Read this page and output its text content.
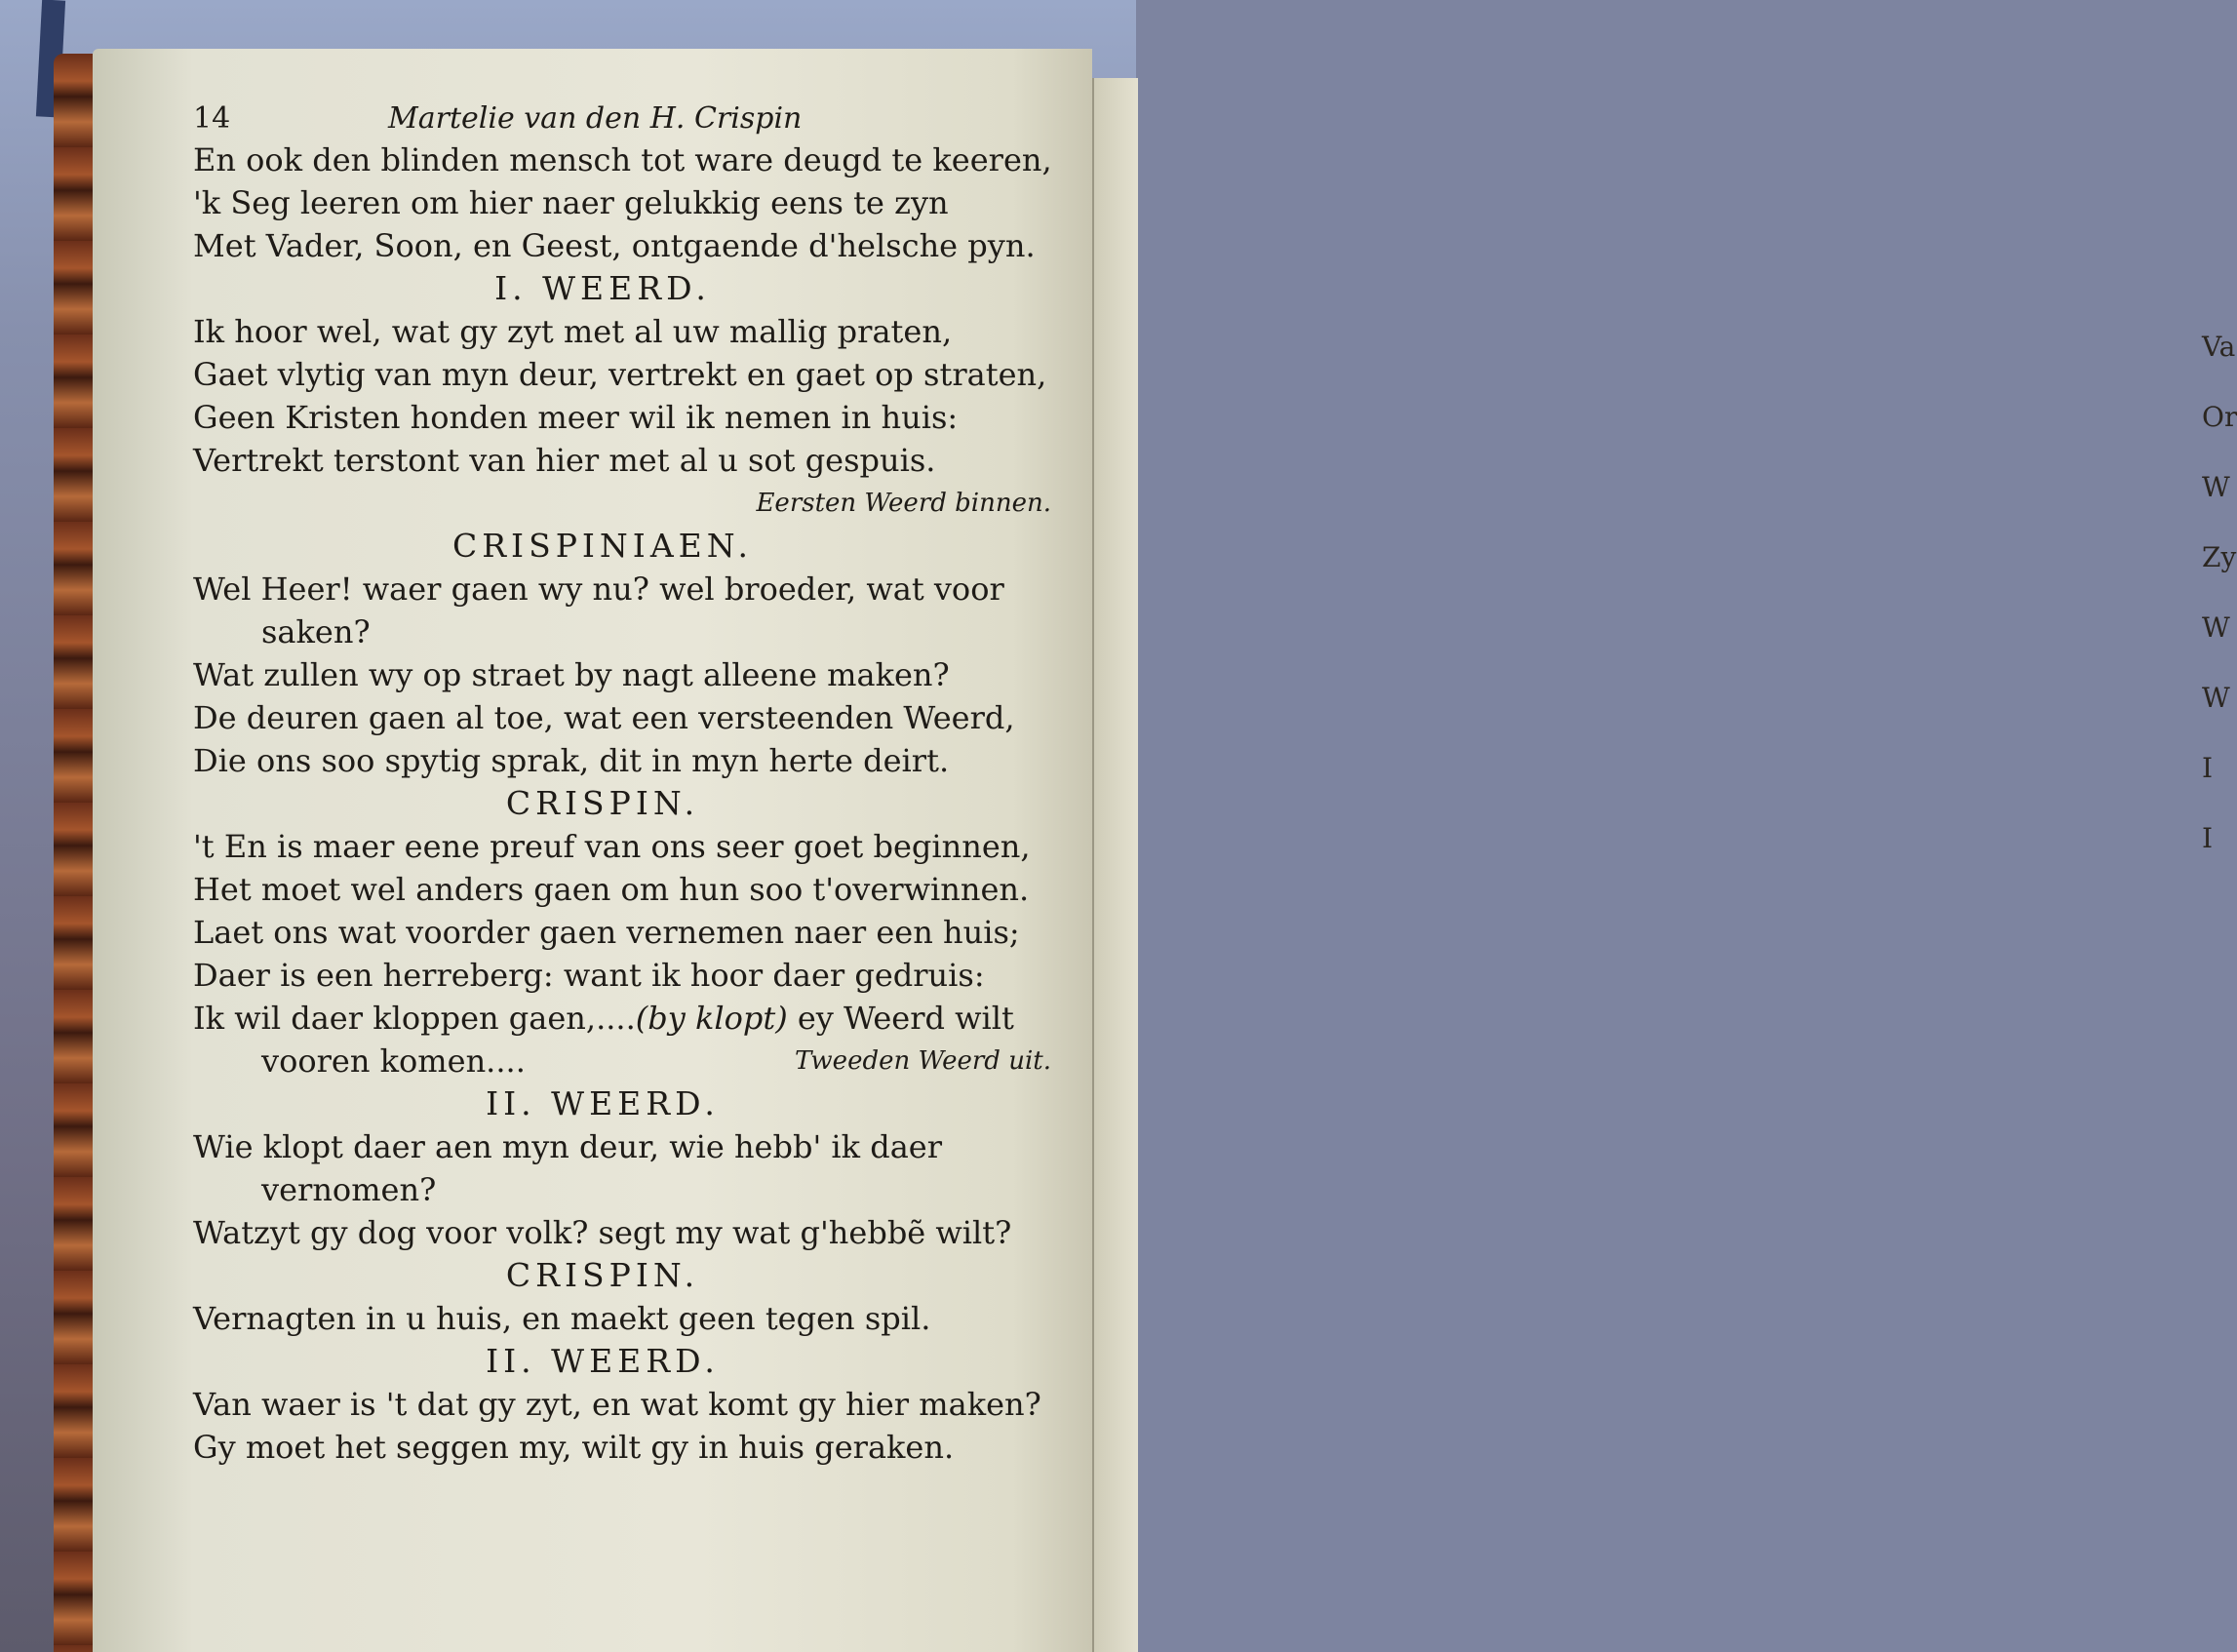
Va
Or
W
Zy
W
W
I
I
14	Martelie van den H. Crispin
En ook den blinden mensch tot ware deugd te keeren,
'k Seg leeren om hier naer gelukkig eens te zyn
Met Vader, Soon, en Geest, ontgaende d'helsche pyn.
I. WEERD.
Ik hoor wel, wat gy zyt met al uw mallig praten,
Gaet vlytig van myn deur, vertrekt en gaet op straten,
Geen Kristen honden meer wil ik nemen in huis:
Vertrekt terstont van hier met al u sot gespuis.
Eersten Weerd binnen.
CRISPINIAEN.
Wel Heer! waer gaen wy nu? wel broeder, wat voor
saken?
Wat zullen wy op straet by nagt alleene maken?
De deuren gaen al toe, wat een versteenden Weerd,
Die ons soo spytig sprak, dit in myn herte deirt.
CRISPIN.
't En is maer eene preuf van ons seer goet beginnen,
Het moet wel anders gaen om hun soo t'overwinnen.
Laet ons wat voorder gaen vernemen naer een huis;
Daer is een herreberg: want ik hoor daer gedruis:
Ik wil daer kloppen gaen,....(by klopt) ey Weerd wilt
vooren komen....	Tweeden Weerd uit.
II. WEERD.
Wie klopt daer aen myn deur, wie hebb' ik daer
vernomen?
Watzyt gy dog voor volk? segt my wat g'hebbẽ wilt?
CRISPIN.
Vernagten in u huis, en maekt geen tegen spil.
II. WEERD.
Van waer is 't dat gy zyt, en wat komt gy hier maken?
Gy moet het seggen my, wilt gy in huis geraken.
